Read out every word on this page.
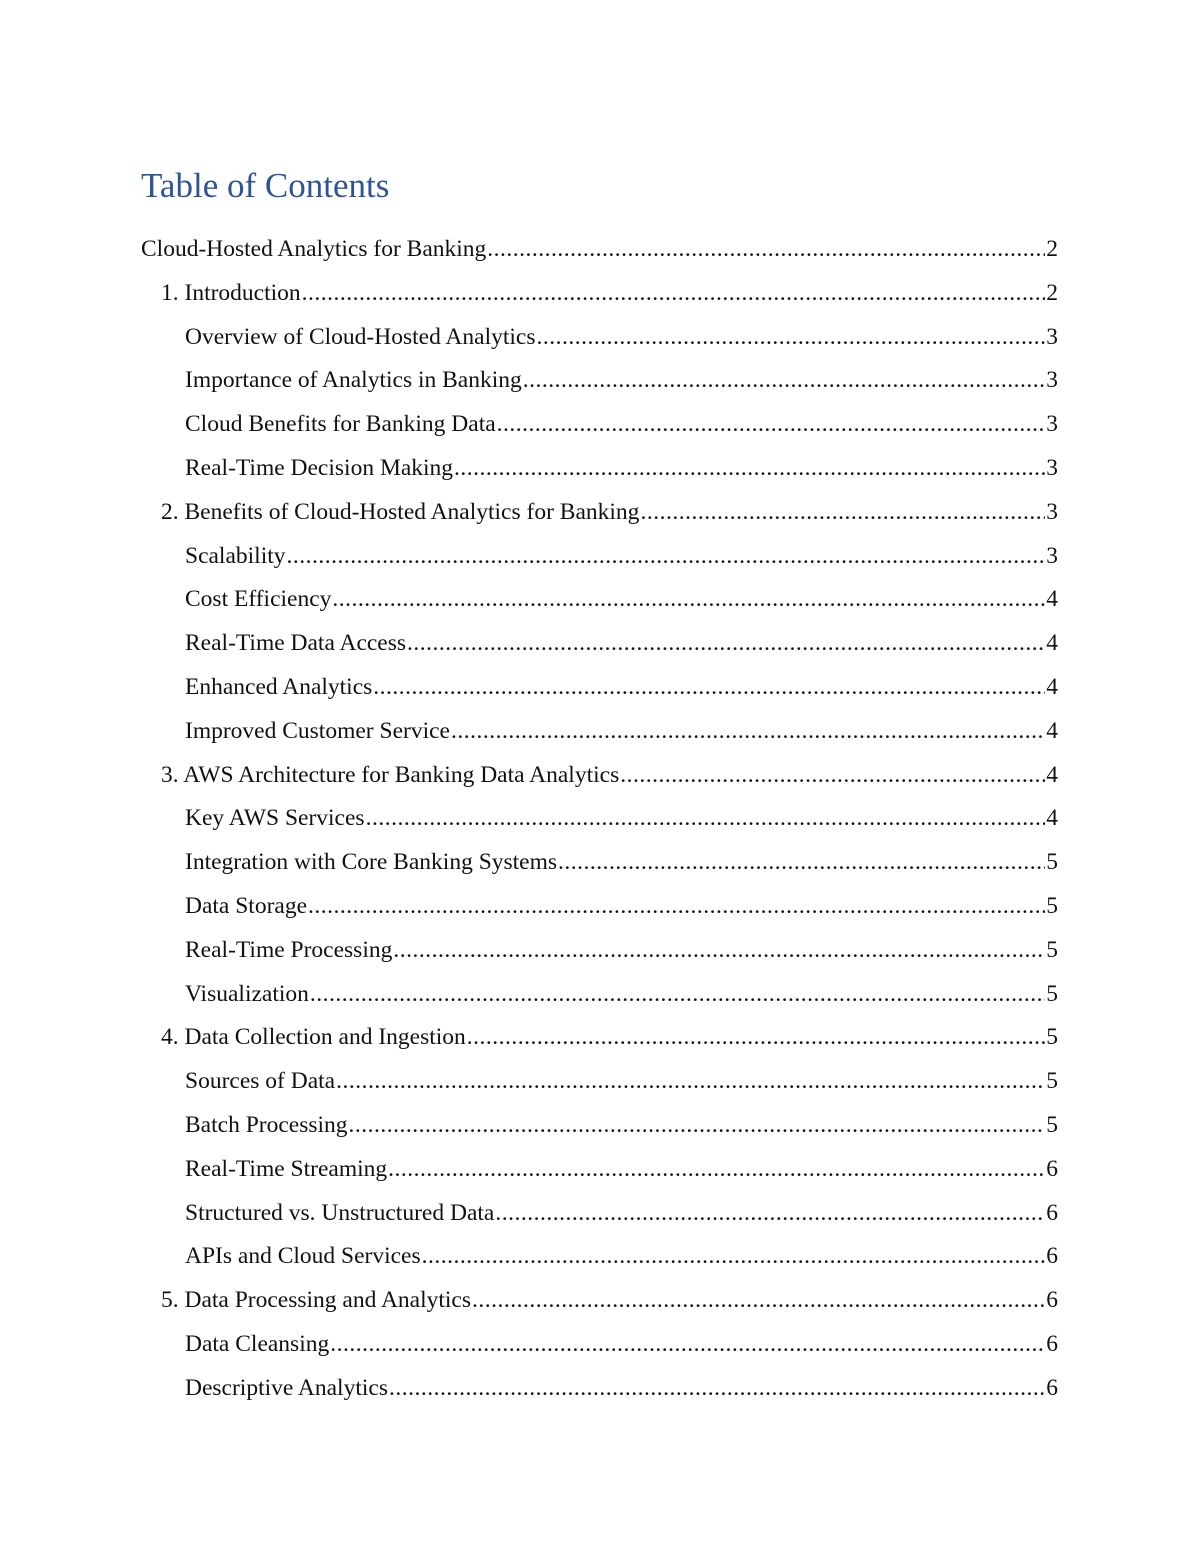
Table of Contents
Cloud-Hosted Analytics for Banking .....	2
1. Introduction .....	2
Overview of Cloud-Hosted Analytics .....	3
Importance of Analytics in Banking .....	3
Cloud Benefits for Banking Data .....	3
Real-Time Decision Making .....	3
2. Benefits of Cloud-Hosted Analytics for Banking .....	3
Scalability .....	3
Cost Efficiency .....	4
Real-Time Data Access .....	4
Enhanced Analytics .....	4
Improved Customer Service .....	4
3. AWS Architecture for Banking Data Analytics .....	4
Key AWS Services .....	4
Integration with Core Banking Systems .....	5
Data Storage .....	5
Real-Time Processing .....	5
Visualization .....	5
4. Data Collection and Ingestion .....	5
Sources of Data .....	5
Batch Processing .....	5
Real-Time Streaming .....	6
Structured vs. Unstructured Data .....	6
APIs and Cloud Services .....	6
5. Data Processing and Analytics .....	6
Data Cleansing .....	6
Descriptive Analytics .....	6
